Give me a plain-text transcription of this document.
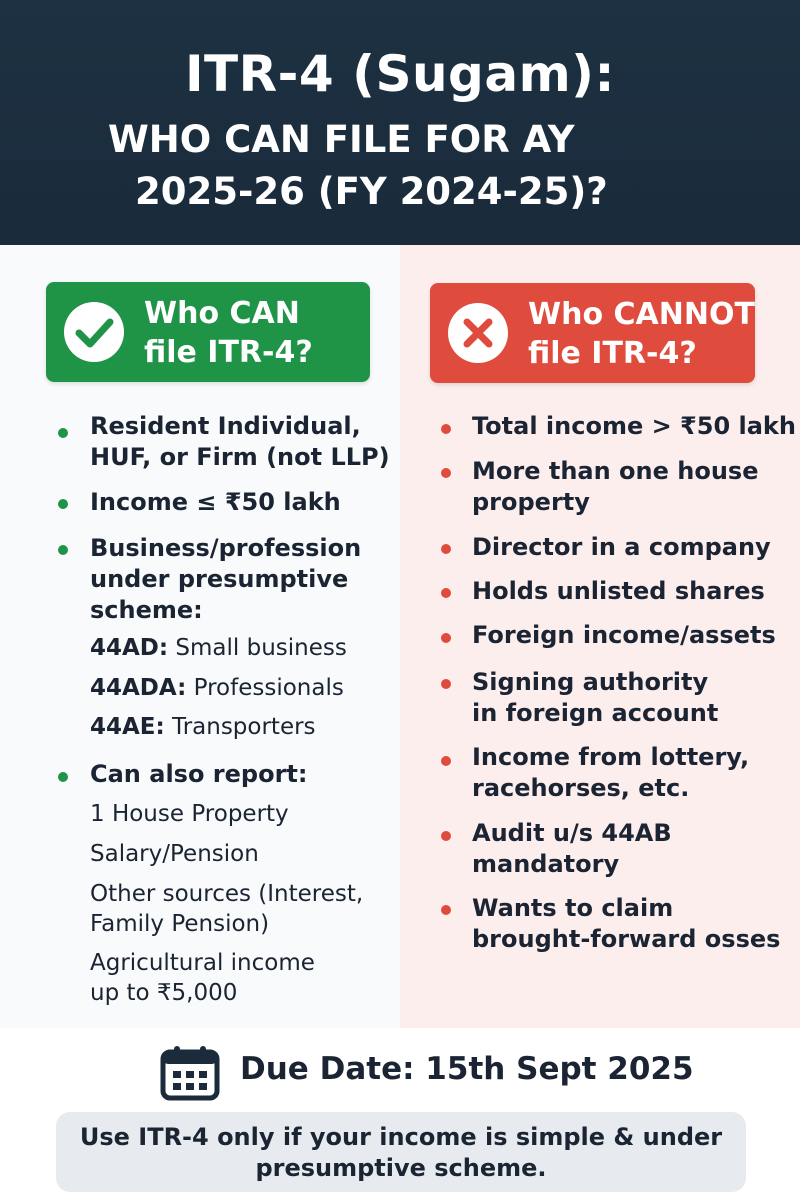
ITR-4 (Sugam):
WHO CAN FILE FOR AY
2025-26 (FY 2024-25)?
Who CAN
file ITR-4?
Who CANNOT
file ITR-4?
Resident Individual,
HUF, or Firm (not LLP)
Income ≤ ₹50 lakh
Business/profession
under presumptive
scheme:
44AD: Small business
44ADA: Professionals
44AE: Transporters
Can also report:
1 House Property
Salary/Pension
Other sources (Interest,
Family Pension)
Agricultural income
up to ₹5,000
Total income > ₹50 lakh
More than one house
property
Director in a company
Holds unlisted shares
Foreign income/assets
Signing authority
in foreign account
Income from lottery,
racehorses, etc.
Audit u/s 44AB
mandatory
Wants to claim
brought-forward osses
Due Date: 15th Sept 2025
Use ITR-4 only if your income is simple & under
presumptive scheme.
